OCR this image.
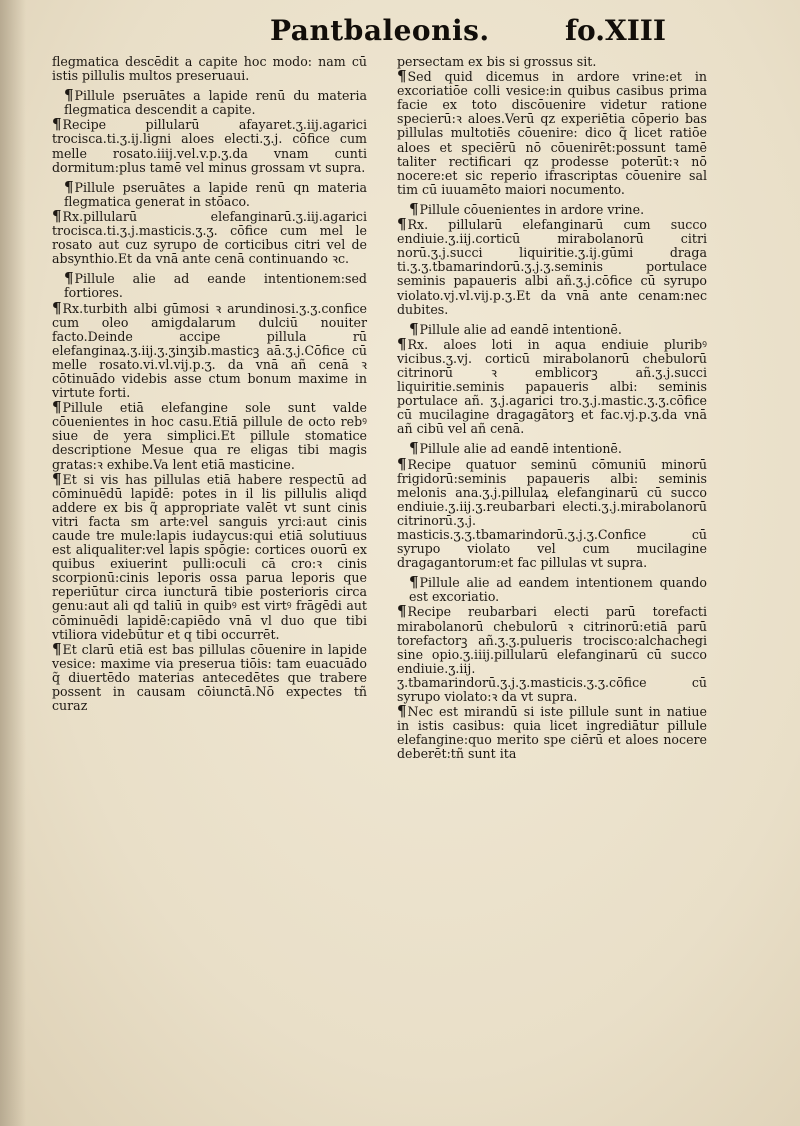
Pantbaleonis.	fo.XIII

flegmatica descēdit a capite hoc modo: nam cū istis pillulis multos preseruaui.

¶Pillule pseruātes a lapide renū du materia flegmatica descendit a capite.

¶Recipe pillularū afayaret.ʒ.iij.agarici trocisca.ti.ʒ.ij.ligni aloes electi.ʒ.j. cōfice cum melle rosato.iiij.vel.v.p.ʒ.da vnam cunti dormitum:plus tamē vel minus grossam vt supra.

¶Pillule pseruātes a lapide renū qn materia flegmatica generat in stōaco.

¶Rx.pillularū elefanginarū.ʒ.iij.agarici trocisca.ti.ʒ.j.masticis.ʒ.ʒ. cōfice cum mel le rosato aut cuz syrupo de corticibus citri vel de absynthio.Et da vnā ante cenā continuando ꝛc.

¶Pillule alie ad eande intentionem:sed fortiores.

¶Rx.turbith albi gūmosi ꝛ arundinosi.ʒ.ʒ.confice cum oleo amigdalarum dulciū nouiter facto.Deinde accipe pillula rū elefanginaꝝ.ʒ.iij.ʒ.ʒinʒib.masticꝫ aā.ʒ.j.Cōfice cū melle rosato.vi.vl.vij.p.ʒ. da vnā añ cenā ꝛ cōtinuādo videbis asse ctum bonum maxime in virtute forti.

¶Pillule etiā elefangine sole sunt valde cōuenientes in hoc casu.Etiā pillule de octo rebꝰ siue de yera simplici.Et pillule stomatice descriptione Mesue qua re eligas tibi magis gratas:ꝛ exhibe.Va lent etiā masticine.

¶Et si vis has pillulas etiā habere respectū ad cōminuēdū lapidē: potes in il lis pillulis aliqd addere ex bis q̃ appropriate valēt vt sunt cinis vitri facta sm arte:vel sanguis yrci:aut cinis caude tre mule:lapis iudaycus:qui etiā solutiuus est aliqualiter:vel lapis spōgie: cortices ouorū ex quibus exiuerint pulli:oculi cā cro:ꝛ cinis scorpionū:cinis leporis ossa parua leporis que reperiūtur circa iuncturā tibie posterioris circa genu:aut ali qd taliū in quibꝰ est virtꝰ frāgēdi aut cōminuēdi lapidē:capiēdo vnā vl duo que tibi vtiliora videbūtur et q tibi occurrēt.

¶Et clarū etiā est bas pillulas cōuenire in lapide vesice: maxime via preserua tiōis: tam euacuādo q̃ diuertēdo materias antecedētes que trabere possent in causam cōiunctā.Nō expectes tñ curaz

persectam ex bis si grossus sit.

¶Sed quid dicemus in ardore vrine:et in excoriatiōe colli vesice:in quibus casibus prima facie ex toto discōuenire videtur ratione specierū:ꝛ aloes.Verū qz experiētia cōperio bas pillulas multotiēs cōuenire: dico q̃ licet ratiōe aloes et speciērū nō cōuenirēt:possunt tamē taliter rectificari qz prodesse poterūt:ꝛ nō nocere:et sic reperio ifrascriptas cōuenire sal tim cū iuuamēto maiori nocumento.

¶Pillule cōuenientes in ardore vrine.

¶Rx. pillularū elefanginarū cum succo endiuie.ʒ.iij.corticū mirabolanorū citri norū.ʒ.j.succi liquiritie.ʒ.ij.gūmi draga ti.ʒ.ʒ.tbamarindorū.ʒ.j.ʒ.seminis portulace seminis papaueris albi añ.ʒ.j.cōfice cū syrupo violato.vj.vl.vij.p.ʒ.Et da vnā ante cenam:nec dubites.

¶Pillule alie ad eandē intentionē.

¶Rx. aloes loti in aqua endiuie pluribꝰ vicibus.ʒ.vj. corticū mirabolanorū chebulorū citrinorū ꝛ emblicorꝫ añ.ʒ.j.succi liquiritie.seminis papaueris albi: seminis portulace añ. ʒ.j.agarici tro.ʒ.j.mastic.ʒ.ʒ.cōfice cū mucilagine dragagātorꝫ et fac.vj.p.ʒ.da vnā añ cibū vel añ cenā.

¶Pillule alie ad eandē intentionē.

¶Recipe quatuor seminū cōmuniū minorū frigidorū:seminis papaueris albi: seminis melonis ana.ʒ.j.pillulaꝝ elefanginarū cū succo endiuie.ʒ.iij.ʒ.reubarbari electi.ʒ.j.mirabolanorū citrinorū.ʒ.j. masticis.ʒ.ʒ.tbamarindorū.ʒ.j.ʒ.Confice cū syrupo violato vel cum mucilagine dragagantorum:et fac pillulas vt supra.

¶Pillule alie ad eandem intentionem quando est excoriatio.

¶Recipe reubarbari electi parū torefacti mirabolanorū chebulorū ꝛ citrinorū:etiā parū torefactorꝫ añ.ʒ.ʒ.pulueris trocisco:alchachegi sine opio.ʒ.iiij.pillularū elefanginarū cū succo endiuie.ʒ.iij. ʒ.tbamarindorū.ʒ.j.ʒ.masticis.ʒ.ʒ.cōfice cū syrupo violato:ꝛ da vt supra.

¶Nec est mirandū si iste pillule sunt in natiue in istis casibus: quia licet ingrediātur pillule elefangine:quo merito spe ciērū et aloes nocere deberēt:tñ sunt ita
